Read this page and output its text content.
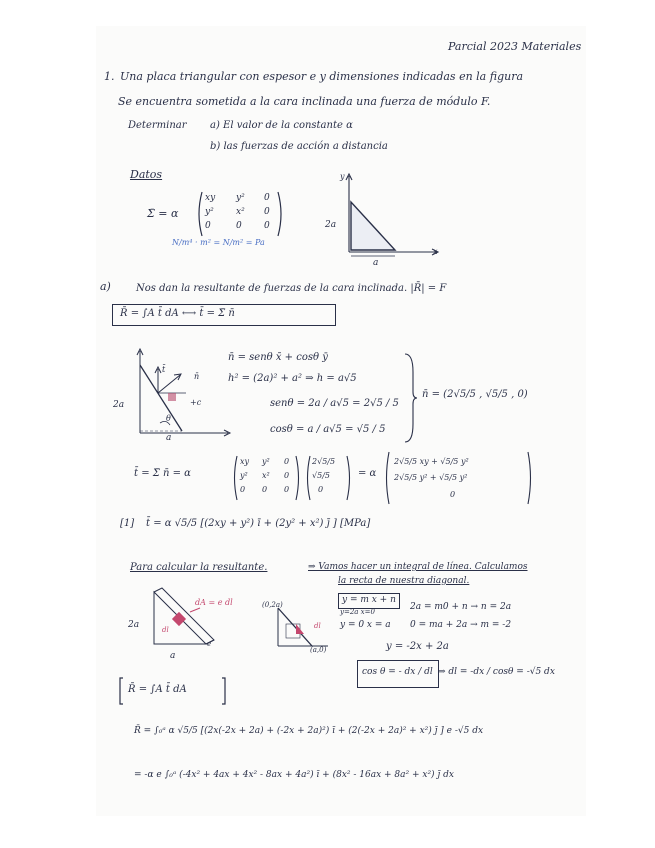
Parcial 2023 Materiales
1. Una placa triangular con espesor e y dimensiones indicadas en la figura
Se encuentra sometida a la cara inclinada una fuerza de módulo F.
Determinar a) El valor de la constante α
b) las fuerzas de acción a distancia
Datos
Σ̄ = α
xy y² 0
y² x² 0
0	0 0
N/m⁴ · m² = N/m² = Pa
y
x
2a
a
a)	Nos dan la resultante de fuerzas de la cara inclinada. |R̄| = F
R̄ = ∫A t̄ dA ⟷ t̄ = Σ̄ n̄
2a
a
θ
t̄
n̄
+c
n̄ = senθ x̄ + cosθ ȳ
h² = (2a)² + a² ⇒ h = a√5
senθ = 2a / a√5 = 2√5 / 5
cosθ = a / a√5 = √5 / 5
n̄ = (2√5/5 , √5/5 , 0)
t̄ = Σ̄ n̄ = α
xy y² 0
y² x² 0
0 0 0
2√5/5
√5/5
0
= α
2√5/5 xy + √5/5 y²
2√5/5 y² + √5/5 y²
0
[1] t̄ = α √5/5 [(2xy + y²) ī + (2y² + x²) j̄ ] [MPa]
Para calcular la resultante.	⇒ Vamos hacer un integral de línea. Calculamos
la recta de nuestra diagonal.
dA = e dl
dl
e
2a
a
(0,2a)
(a,0)
dl
y = m x + n
y=2a x=0
y = 0 x = a
2a = m0 + n → n = 2a
0 = ma + 2a → m = -2
y = -2x + 2a
cos θ = - dx / dl ⇒ dl = -dx / cosθ = -√5 dx
R̄ = ∫A t̄ dA
R̄ = ∫₀ᵃ α √5/5 [(2x(-2x + 2a) + (-2x + 2a)²) ī + (2(-2x + 2a)² + x²) j̄ ] e -√5 dx
= -α e ∫₀ᵃ (-4x² + 4ax + 4x² - 8ax + 4a²) ī + (8x² - 16ax + 8a² + x²) j̄ dx
